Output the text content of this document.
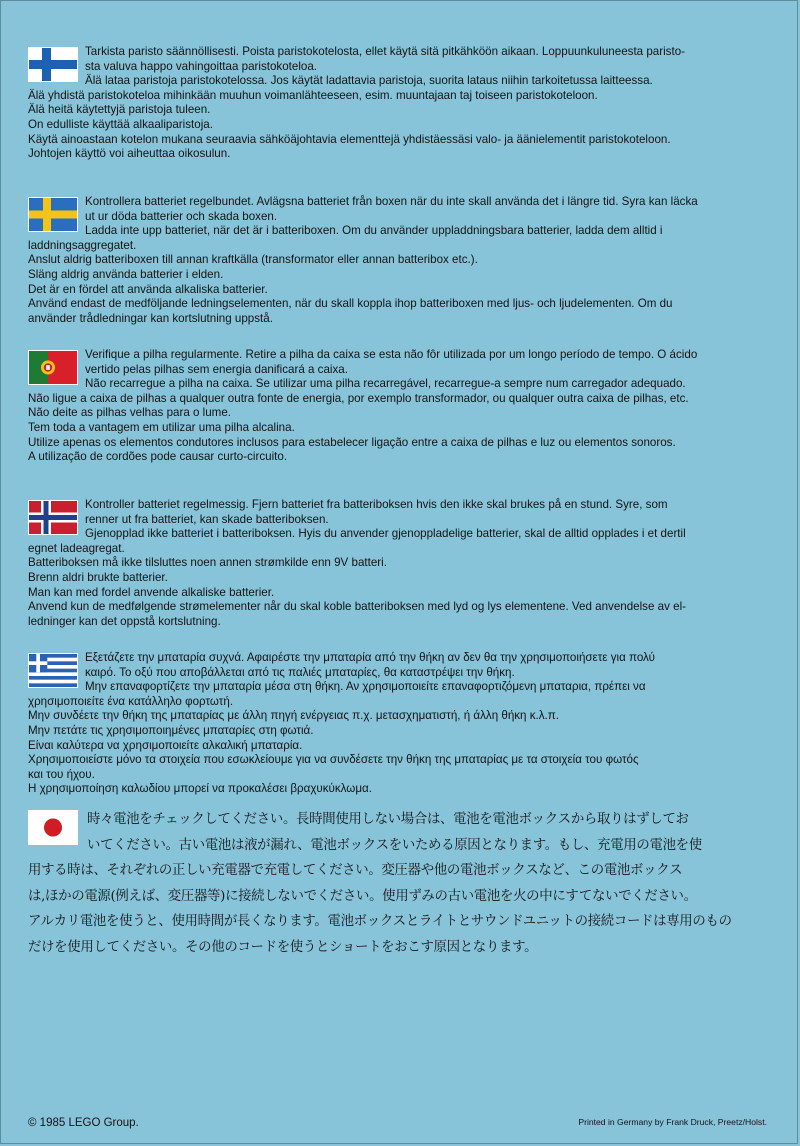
Tarkista paristo säännöllisesti. Poista paristokotelosta, ellet käytä sitä pitkähköön aikaan. Loppuunkuluneesta paristo-
sta valuva happo vahingoittaa paristokoteloa.
Älä lataa paristoja paristokotelossa. Jos käytät ladattavia paristoja, suorita lataus niihin tarkoitetussa laitteessa.
Älä yhdistä paristokoteloa mihinkään muuhun voimanlähteeseen, esim. muuntajaan taj toiseen paristokoteloon.
Älä heitä käytettyjä paristoja tuleen.
On edulliste käyttää alkaaliparistoja.
Käytä ainoastaan kotelon mukana seuraavia sähköäjohtavia elementtejä yhdistäessäsi valo- ja äänielementit paristokoteloon.
Johtojen käyttö voi aiheuttaa oikosulun.

Kontrollera batteriet regelbundet. Avlägsna batteriet från boxen när du inte skall använda det i längre tid. Syra kan läcka
ut ur döda batterier och skada boxen.
Ladda inte upp batteriet, när det är i batteriboxen. Om du använder uppladdningsbara batterier, ladda dem alltid i
laddningsaggregatet.
Anslut aldrig batteriboxen till annan kraftkälla (transformator eller annan batteribox etc.).
Släng aldrig använda batterier i elden.
Det är en fördel att använda alkaliska batterier.
Använd endast de medföljande ledningselementen, när du skall koppla ihop batteriboxen med ljus- och ljudelementen. Om du
använder trådledningar kan kortslutning uppstå.

Verifique a pilha regularmente. Retire a pilha da caixa se esta não fôr utilizada por um longo período de tempo. O ácido
vertido pelas pilhas sem energia danificará a caixa.
Não recarregue a pilha na caixa. Se utilizar uma pilha recarregável, recarregue-a sempre num carregador adequado.
Não ligue a caixa de pilhas a qualquer outra fonte de energia, por exemplo transformador, ou qualquer outra caixa de pilhas, etc.
Não deite as pilhas velhas para o lume.
Tem toda a vantagem em utilizar uma pilha alcalina.
Utilize apenas os elementos condutores inclusos para estabelecer ligação entre a caixa de pilhas e luz ou elementos sonoros.
A utilização de cordões pode causar curto-circuito.

Kontroller batteriet regelmessig. Fjern batteriet fra batteriboksen hvis den ikke skal brukes på en stund. Syre, som
renner ut fra batteriet, kan skade batteriboksen.
Gjenopplad ikke batteriet i batteriboksen. Hyis du anvender gjenoppladelige batterier, skal de alltid opplades i et dertil
egnet ladeagregat.
Batteriboksen må ikke tilsluttes noen annen strømkilde enn 9V batteri.
Brenn aldri brukte batterier.
Man kan med fordel anvende alkaliske batterier.
Anvend kun de medfølgende strømelementer når du skal koble batteriboksen med lyd og lys elementene. Ved anvendelse av el-
ledninger kan det oppstå kortslutning.

Εξετάζετε την μπαταρία συχνά. Αφαιρέστε την μπαταρία από την θήκη αν δεν θα την χρησιμοποιήσετε για πολύ
καιρό. Το οξύ που αποβάλλεται από τις παλιές μπαταρίες, θα καταστρέψει την θήκη.
Μην επαναφορτίζετε την μπαταρία μέσα στη θήκη. Αν χρησιμοποιείτε επαναφορτιζόμενη μπαταρια, πρέπει να
χρησιμοποιείτε ένα κατάλληλο φορτωτή.
Μην συνδέετε την θήκη της μπαταρίας με άλλη πηγή ενέργειας π.χ. μετασχηματιστή, ή άλλη θήκη κ.λ.π.
Μην πετάτε τις χρησιμοποιημένες μπαταρίες στη φωτιά.
Είναι καλύτερα να χρησιμοποιείτε αλκαλική μπαταρία.
Χρησιμοποιείστε μόνο τα στοιχεία που εσωκλείουμε για να συνδέσετε την θήκη της μπαταρίας με τα στοιχεία του φωτός
και του ήχου.
Η χρησιμοποίηση καλωδίου μπορεί να προκαλέσει βραχυκύκλωμα.

時々電池をチェックしてください。長時間使用しない場合は、電池を電池ボックスから取りはずしてお
いてください。古い電池は液が漏れ、電池ボックスをいためる原因となります。もし、充電用の電池を使
用する時は、それぞれの正しい充電器で充電してください。変圧器や他の電池ボックスなど、この電池ボックス
は,ほかの電源(例えば、変圧器等)に接続しないでください。使用ずみの古い電池を火の中にすてないでください。
アルカリ電池を使うと、使用時間が長くなります。電池ボックスとライトとサウンドユニットの接続コードは専用のもの
だけを使用してください。その他のコードを使うとショートをおこす原因となります。

© 1985 LEGO Group.	Printed in Germany by Frank Druck, Preetz/Holst.
